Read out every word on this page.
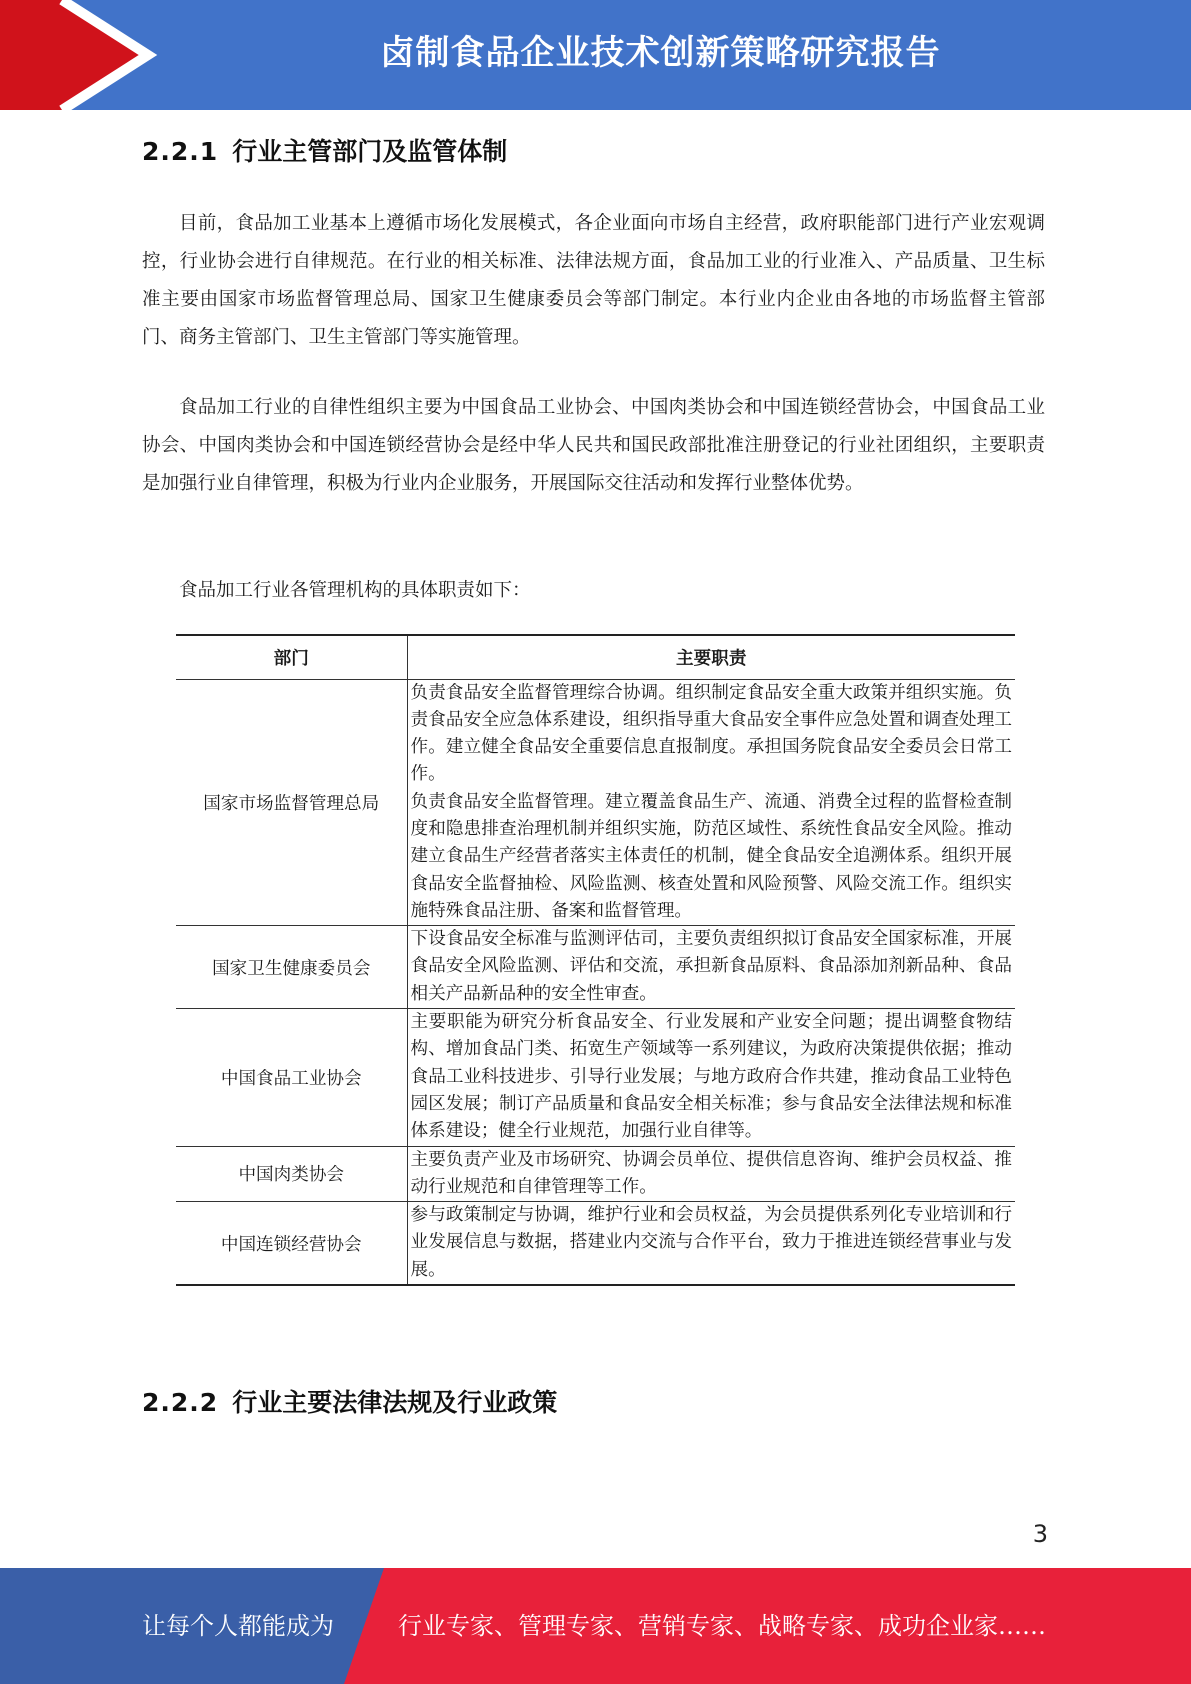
卤制食品企业技术创新策略研究报告
2.2.1 行业主管部门及监管体制

目前，食品加工业基本上遵循市场化发展模式，各企业面向市场自主经营，政府职能部门进行产业宏观调控，行业协会进行自律规范。在行业的相关标准、法律法规方面，食品加工业的行业准入、产品质量、卫生标准主要由国家市场监督管理总局、国家卫生健康委员会等部门制定。本行业内企业由各地的市场监督主管部门、商务主管部门、卫生主管部门等实施管理。

食品加工行业的自律性组织主要为中国食品工业协会、中国肉类协会和中国连锁经营协会，中国食品工业协会、中国肉类协会和中国连锁经营协会是经中华人民共和国民政部批准注册登记的行业社团组织，主要职责是加强行业自律管理，积极为行业内企业服务，开展国际交往活动和发挥行业整体优势。

食品加工行业各管理机构的具体职责如下：

部门	主要职责
国家市场监督管理总局	负责食品安全监督管理综合协调。组织制定食品安全重大政策并组织实施。负责食品安全应急体系建设，组织指导重大食品安全事件应急处置和调查处理工作。建立健全食品安全重要信息直报制度。承担国务院食品安全委员会日常工作。
负责食品安全监督管理。建立覆盖食品生产、流通、消费全过程的监督检查制度和隐患排查治理机制并组织实施，防范区域性、系统性食品安全风险。推动建立食品生产经营者落实主体责任的机制，健全食品安全追溯体系。组织开展食品安全监督抽检、风险监测、核查处置和风险预警、风险交流工作。组织实施特殊食品注册、备案和监督管理。

国家卫生健康委员会	下设食品安全标准与监测评估司，主要负责组织拟订食品安全国家标准，开展食品安全风险监测、评估和交流，承担新食品原料、食品添加剂新品种、食品相关产品新品种的安全性审查。

中国食品工业协会	主要职能为研究分析食品安全、行业发展和产业安全问题；提出调整食物结构、增加食品门类、拓宽生产领域等一系列建议，为政府决策提供依据；推动食品工业科技进步、引导行业发展；与地方政府合作共建，推动食品工业特色园区发展；制订产品质量和食品安全相关标准；参与食品安全法律法规和标准体系建设；健全行业规范，加强行业自律等。

中国肉类协会	主要负责产业及市场研究、协调会员单位、提供信息咨询、维护会员权益、推动行业规范和自律管理等工作。

中国连锁经营协会	参与政策制定与协调，维护行业和会员权益，为会员提供系列化专业培训和行业发展信息与数据，搭建业内交流与合作平台，致力于推进连锁经营事业与发展。
2.2.2 行业主要法律法规及行业政策
3
让每个人都能成为	行业专家、管理专家、营销专家、战略专家、成功企业家……
